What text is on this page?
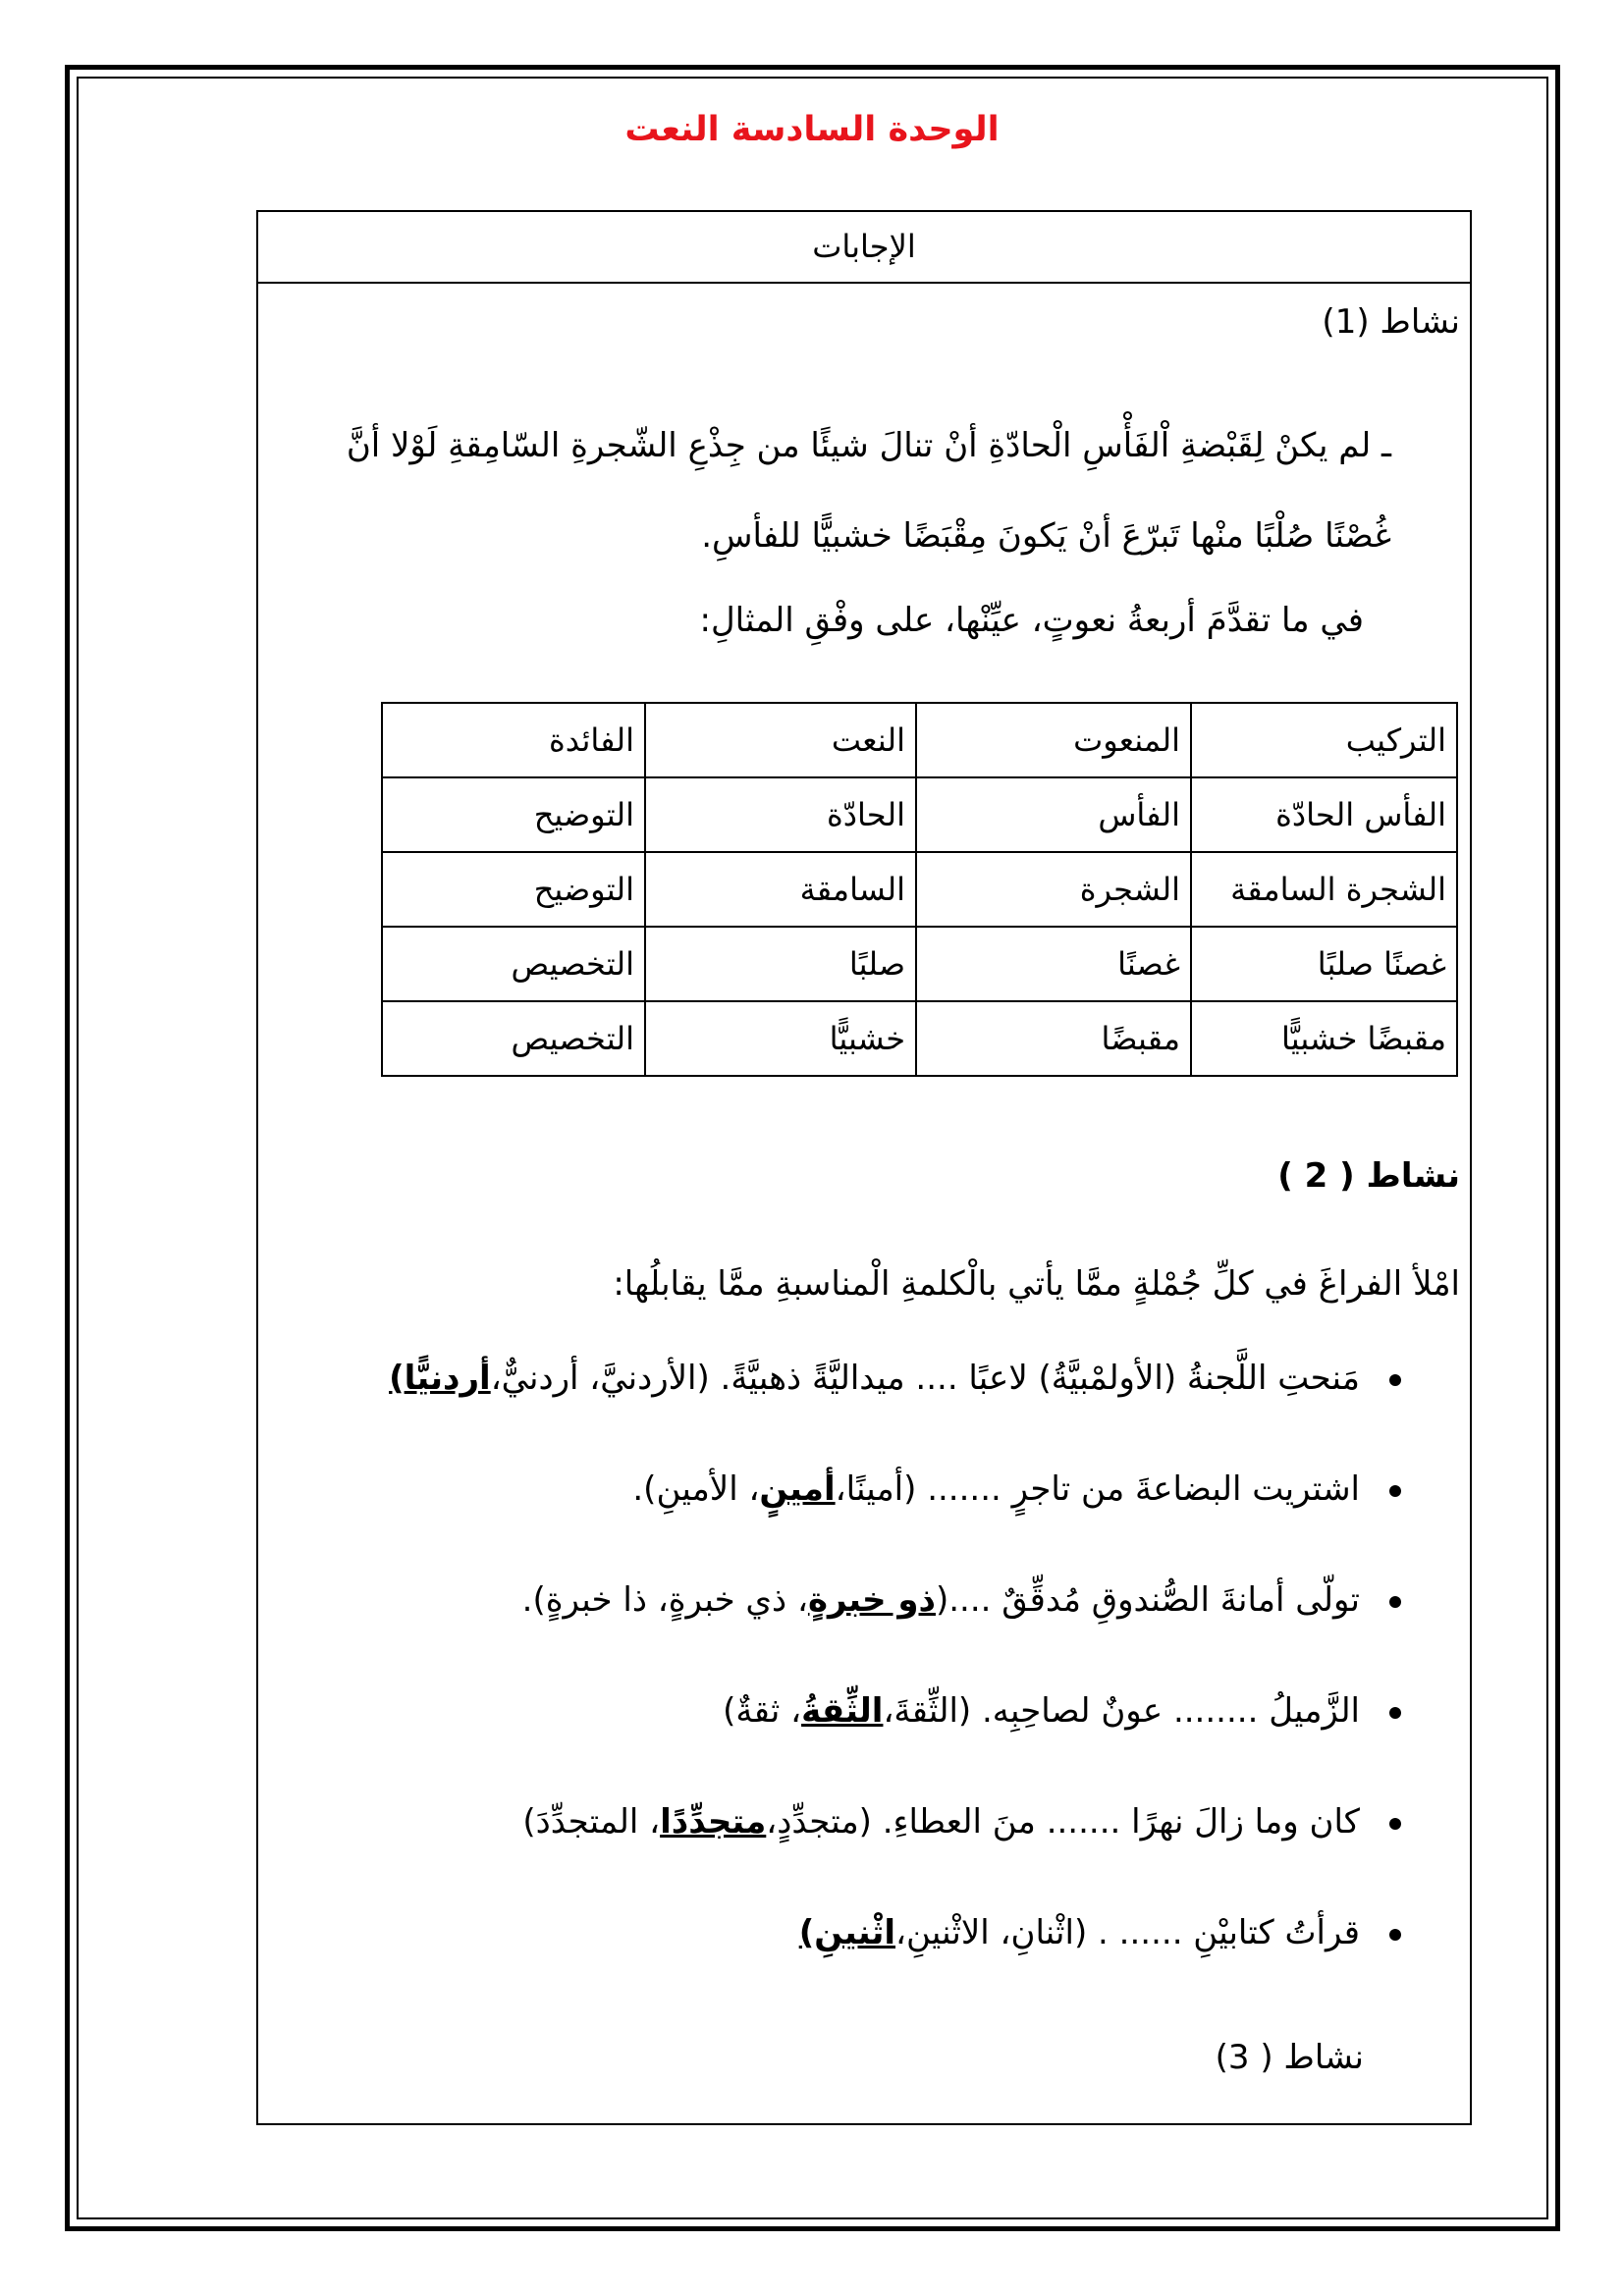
الوحدة السادسة النعت
الإجابات
نشاط (1)
ـ لم يكنْ لِقَبْضةِ اْلفَأْسِ الْحادّةِ أنْ تنالَ شيئًا من جِذْعِ الشّجرةِ السّامِقةِ لَوْلا أنَّ غُصْنًا صُلْبًا منْها تَبرّعَ أنْ يَكونَ مِقْبَضًا خشبيًّا للفأسِ.
في ما تقدَّمَ أربعةُ نعوتٍ، عيِّنْها، على وفْقِ المثالِ:
التركيب	المنعوت	النعت	الفائدة
الفأس الحادّة	الفأس	الحادّة	التوضيح
الشجرة السامقة	الشجرة	السامقة	التوضيح
غصنًا صلبًا	غصنًا	صلبًا	التخصيص
مقبضًا خشبيًّا	مقبضًا	خشبيًّا	التخصيص
نشاط ( 2 )
امْلأ الفراغَ في كلِّ جُمْلةٍ ممَّا يأتي بالْكلمةِ الْمناسبةِ ممَّا يقابلُها:
مَنحتِ اللَّجنةُ (الأولمْبيَّةُ) لاعبًا .... ميداليَّةً ذهبيَّةً. (الأردنيَّ، أردنيٌّ،أردنيًّا)
اشتريت البضاعةَ من تاجرٍ ....... (أمينًا،أمينٍ، الأمينِ).
تولّى أمانةَ الصُّندوقِ مُدقِّقٌ ....(ذو خبرةٍ، ذي خبرةٍ، ذا خبرةٍ).
الزَّميلُ ........ عونٌ لصاحِبِه. (الثِّقةَ،الثِّقةُ، ثقةٌ)
كان وما زالَ نهرًا ....... منَ العطاءِ. (متجدِّدٍ،متجدِّدًا، المتجدِّدَ)
قرأتُ كتابيْنِ ...... . (اثْنانِ، الاثْنينِ،اثْنينِ)
نشاط ( 3)
